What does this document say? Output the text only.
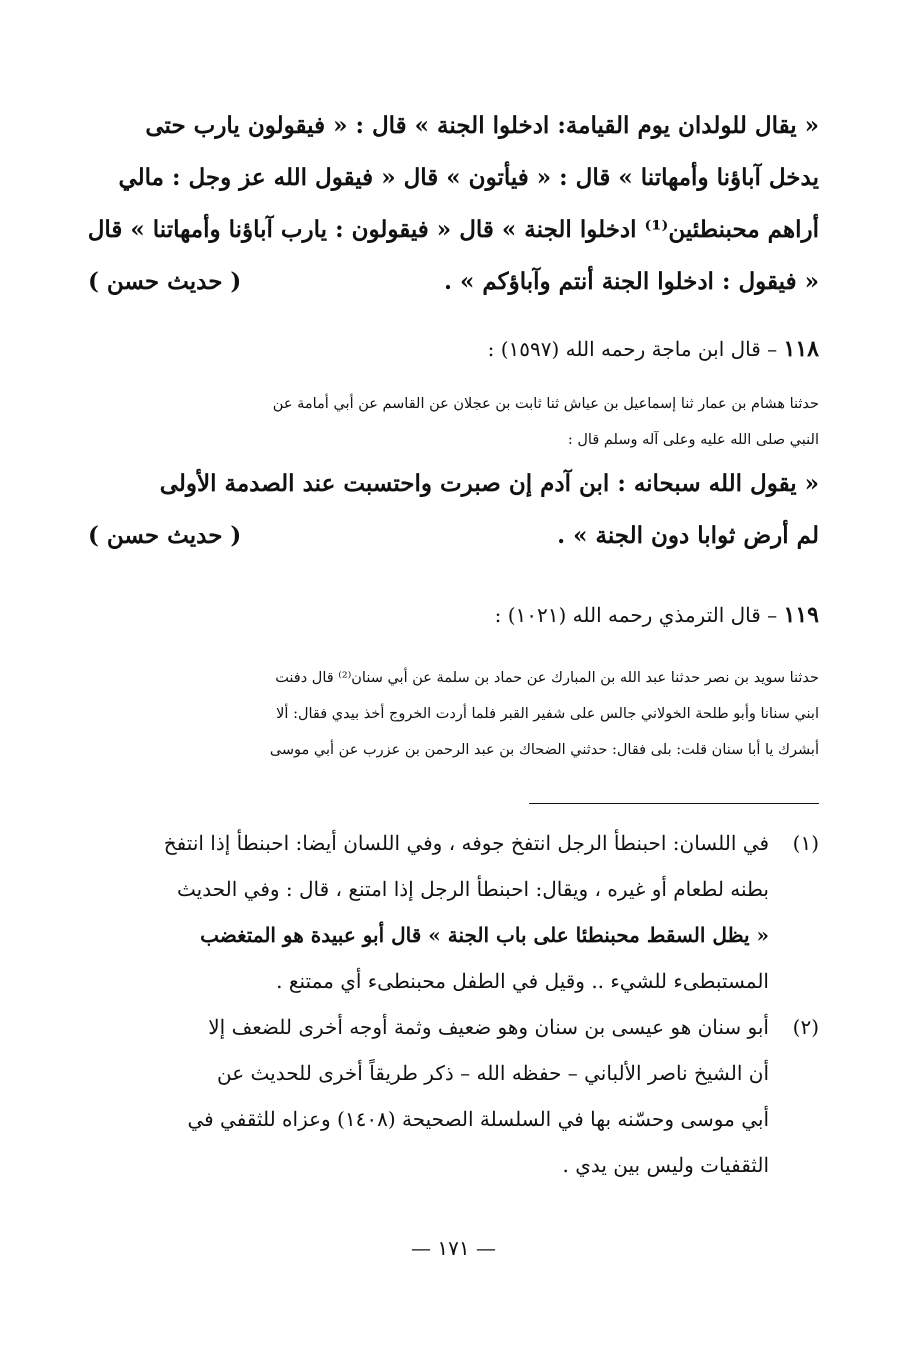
« يقال للولدان يوم القيامة: ادخلوا الجنة » قال : « فيقولون يارب حتى
يدخل آباؤنا وأمهاتنا » قال : « فيأتون » قال « فيقول الله عز وجل : مالي
أراهم محبنطئين⁽¹⁾ ادخلوا الجنة » قال « فيقولون : يارب آباؤنا وأمهاتنا » قال
« فيقول : ادخلوا الجنة أنتم وآباؤكم » .
( حديث حسن )
١١٨ – قال ابن ماجة رحمه الله (١٥٩٧) :
حدثنا هشام بن عمار ثنا إسماعيل بن عياش ثنا ثابت بن عجلان عن القاسم عن أبي أمامة عن
النبي صلى الله عليه وعلى آله وسلم قال :
« يقول الله سبحانه : ابن آدم إن صبرت واحتسبت عند الصدمة الأولى
لم أرض ثوابا دون الجنة » .
( حديث حسن )
١١٩ – قال الترمذي رحمه الله (١٠٢١) :
حدثنا سويد بن نصر حدثنا عبد الله بن المبارك عن حماد بن سلمة عن أبي سنان⁽²⁾ قال دفنت
ابني سنانا وأبو طلحة الخولاني جالس على شفير القبر فلما أردت الخروج أخذ بيدي فقال: ألا
أبشرك يا أبا سنان قلت: بلى فقال: حدثني الضحاك بن عبد الرحمن بن عزرب عن أبي موسى
(١)
في اللسان: احبنطأ الرجل انتفخ جوفه ، وفي اللسان أيضا: احبنطأ إذا انتفخ
بطنه لطعام أو غيره ، ويقال: احبنطأ الرجل إذا امتنع ، قال : وفي الحديث
« يظل السقط محبنطئا على باب الجنة » قال أبو عبيدة هو المتغضب
المستبطىء للشيء .. وقيل في الطفل محبنطىء أي ممتنع .
(٢)
أبو سنان هو عيسى بن سنان وهو ضعيف وثمة أوجه أخرى للضعف إلا
أن الشيخ ناصر الألباني – حفظه الله – ذكر طريقاً أخرى للحديث عن
أبي موسى وحسّنه بها في السلسلة الصحيحة (١٤٠٨) وعزاه للثقفي في
الثقفيات وليس بين يدي .
— ١٧١ —
